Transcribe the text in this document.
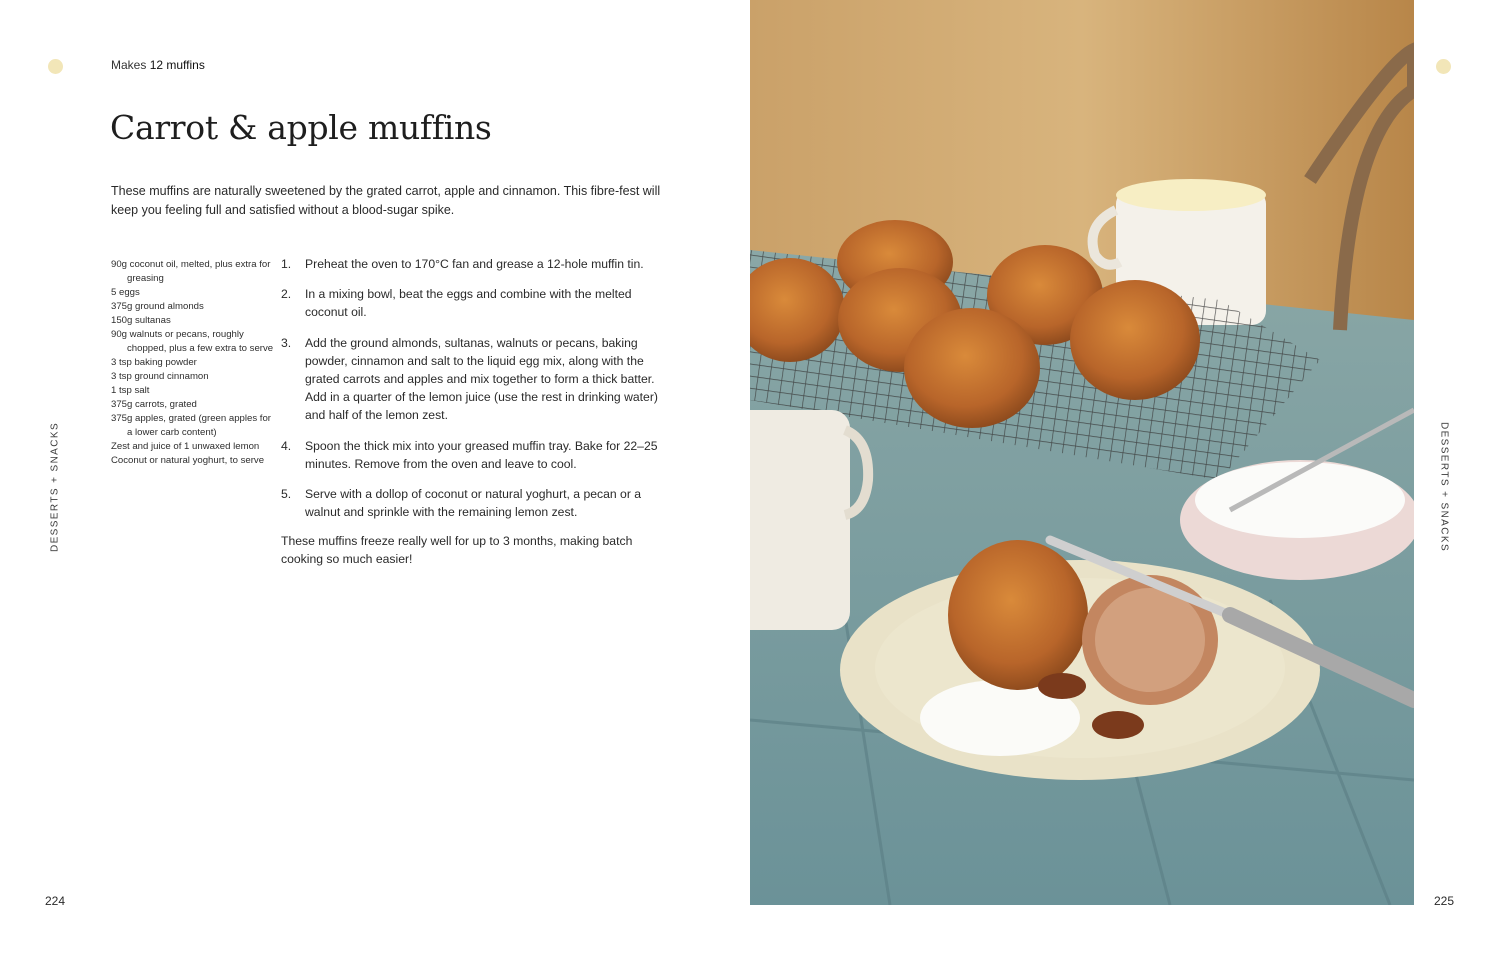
DESSERTS + SNACKS	DESSERTS + SNACKS
Makes 12 muffins
Carrot & apple muffins

These muffins are naturally sweetened by the grated carrot, apple and cinnamon. This fibre-fest will keep you feeling full and satisfied without a blood-sugar spike.

90g coconut oil, melted, plus extra for greasing
5 eggs
375g ground almonds
150g sultanas
90g walnuts or pecans, roughly chopped, plus a few extra to serve
3 tsp baking powder
3 tsp ground cinnamon
1 tsp salt
375g carrots, grated
375g apples, grated (green apples for a lower carb content)
Zest and juice of 1 unwaxed lemon
Coconut or natural yoghurt, to serve
1.	Preheat the oven to 170°C fan and grease a 12-hole muffin tin.
2.	In a mixing bowl, beat the eggs and combine with the melted coconut oil.
3.	Add the ground almonds, sultanas, walnuts or pecans, baking powder, cinnamon and salt to the liquid egg mix, along with the grated carrots and apples and mix together to form a thick batter. Add in a quarter of the lemon juice (use the rest in drinking water) and half of the lemon zest.
4.	Spoon the thick mix into your greased muffin tray. Bake for 22–25 minutes. Remove from the oven and leave to cool.
5.	Serve with a dollop of coconut or natural yoghurt, a pecan or a walnut and sprinkle with the remaining lemon zest.

These muffins freeze really well for up to 3 months, making batch cooking so much easier!

224	225
